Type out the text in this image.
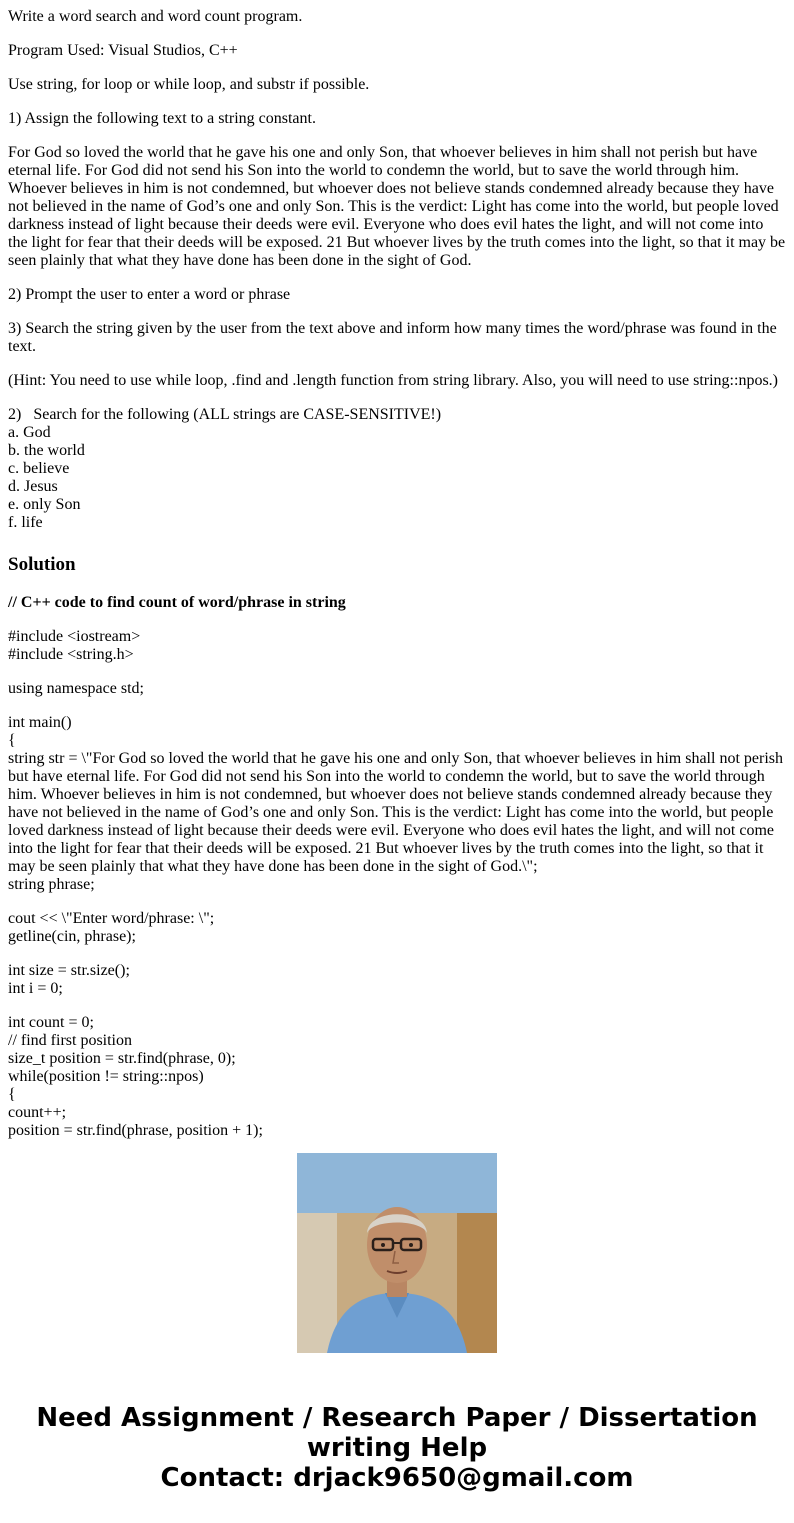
Write a word search and word count program.

Program Used: Visual Studios, C++

Use string, for loop or while loop, and substr if possible.

1) Assign the following text to a string constant.

For God so loved the world that he gave his one and only Son, that whoever believes in him shall not perish but have eternal life. For God did not send his Son into the world to condemn the world, but to save the world through him. Whoever believes in him is not condemned, but whoever does not believe stands condemned already because they have not believed in the name of God’s one and only Son. This is the verdict: Light has come into the world, but people loved darkness instead of light because their deeds were evil. Everyone who does evil hates the light, and will not come into the light for fear that their deeds will be exposed. 21 But whoever lives by the truth comes into the light, so that it may be seen plainly that what they have done has been done in the sight of God.

2) Prompt the user to enter a word or phrase

3) Search the string given by the user from the text above and inform how many times the word/phrase was found in the text.

(Hint: You need to use while loop, .find and .length function from string library. Also, you will need to use string::npos.)

2)   Search for the following (ALL strings are CASE-SENSITIVE!)
a. God
b. the world
c. believe
d. Jesus
e. only Son
f. life
Solution
// C++ code to find count of word/phrase in string
#include <iostream>
#include <string.h>
using namespace std;
int main()
{
string str = \"For God so loved the world that he gave his one and only Son, that whoever believes in him shall not perish but have eternal life. For God did not send his Son into the world to condemn the world, but to save the world through him. Whoever believes in him is not condemned, but whoever does not believe stands condemned already because they have not believed in the name of God’s one and only Son. This is the verdict: Light has come into the world, but people loved darkness instead of light because their deeds were evil. Everyone who does evil hates the light, and will not come into the light for fear that their deeds will be exposed. 21 But whoever lives by the truth comes into the light, so that it may be seen plainly that what they have done has been done in the sight of God.\";
string phrase;
cout << \"Enter word/phrase: \";
getline(cin, phrase);
int size = str.size();
int i = 0;
int count = 0;
// find first position
size_t position = str.find(phrase, 0);
while(position != string::npos)
{
count++;
position = str.find(phrase, position + 1);
Need Assignment / Research Paper / Dissertation
writing Help
Contact: drjack9650@gmail.com
